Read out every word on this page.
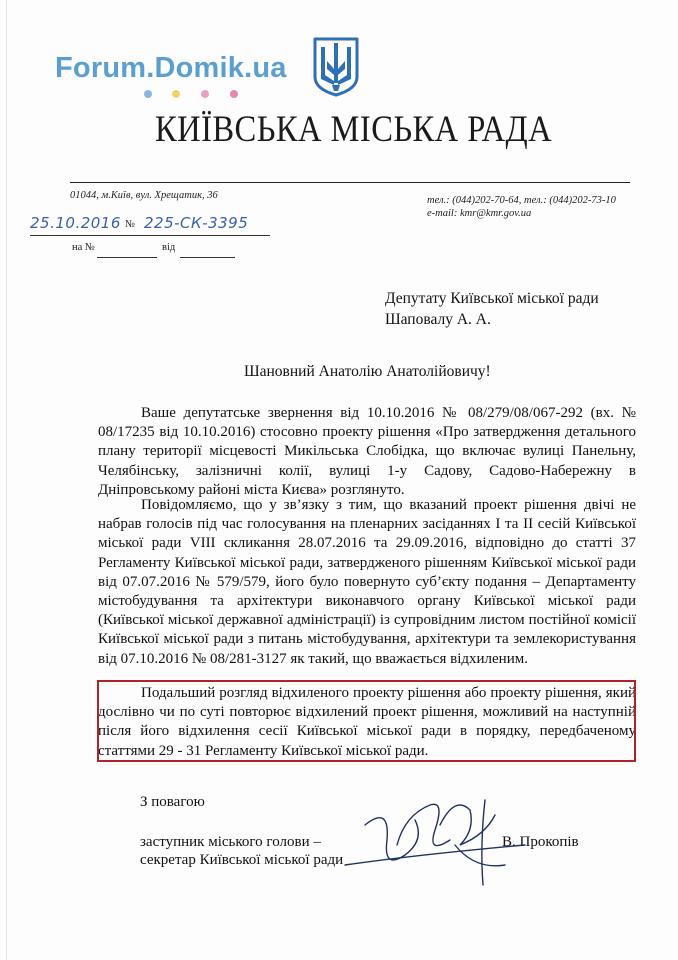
Forum.Domik.ua
КИЇВСЬКА МІСЬКА РАДА
01044, м.Київ, вул. Хрещатик, 36	тел.: (044)202-70-64, тел.: (044)202-73-10
e-mail: kmr@kmr.gov.ua
25.10.2016 № 225-СК-3395
на №	від
Депутату Київської міської ради
Шаповалу А. А.
Шановний Анатолію Анатолійовичу!
Ваше депутатське звернення від 10.10.2016 № 08/279/08/067-292 (вх. № 08/17235 від 10.10.2016) стосовно проекту рішення «Про затвердження детального плану території місцевості Микільська Слобідка, що включає вулиці Панельну, Челябінську, залізничні колії, вулиці 1-у Садову, Садово-Набережну в Дніпровському районі міста Києва» розглянуто.
Повідомляємо, що у зв’язку з тим, що вказаний проект рішення двічі не набрав голосів під час голосування на пленарних засіданнях I та II сесій Київської міської ради VIII скликання 28.07.2016 та 29.09.2016, відповідно до статті 37 Регламенту Київської міської ради, затвердженого рішенням Київської міської ради від 07.07.2016 № 579/579, його було повернуто суб’єкту подання – Департаменту містобудування та архітектури виконавчого органу Київської міської ради (Київської міської державної адміністрації) із супровідним листом постійної комісії Київської міської ради з питань містобудування, архітектури та землекористування від 07.10.2016 № 08/281-3127 як такий, що вважається відхиленим.
Подальший розгляд відхиленого проекту рішення або проекту рішення, який дослівно чи по суті повторює відхилений проект рішення, можливий на наступній після його відхилення сесії Київської міської ради в порядку, передбаченому статтями 29 - 31 Регламенту Київської міської ради.
З повагою
заступник міського голови –
секретар Київської міської ради
В. Прокопів
